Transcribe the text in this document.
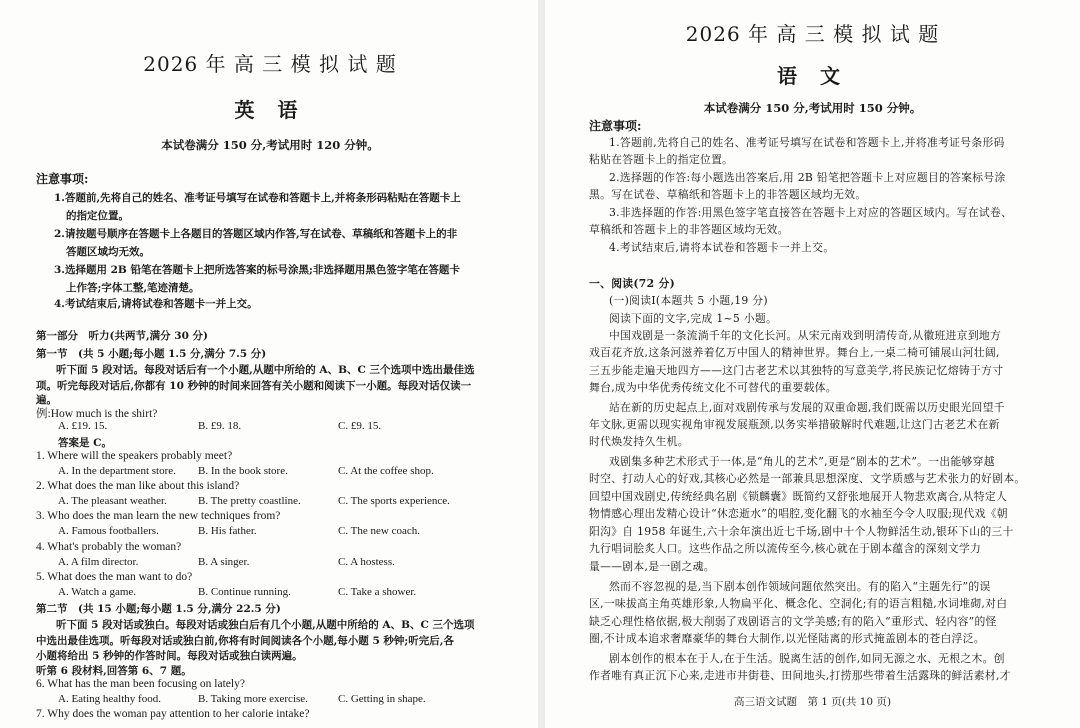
2026 年 高 三 模 拟 试 题
英 语
本试卷满分 150 分,考试用时 120 分钟。
注意事项:
1.答题前,先将自己的姓名、准考证号填写在试卷和答题卡上,并将条形码粘贴在答题卡上
的指定位置。
2.请按题号顺序在答题卡上各题目的答题区域内作答,写在试卷、草稿纸和答题卡上的非
答题区域均无效。
3.选择题用 2B 铅笔在答题卡上把所选答案的标号涂黑;非选择题用黑色签字笔在答题卡
上作答;字体工整,笔迹清楚。
4.考试结束后,请将试卷和答题卡一并上交。
第一部分　听力(共两节,满分 30 分)
第一节　(共 5 小题;每小题 1.5 分,满分 7.5 分)
听下面 5 段对话。每段对话后有一个小题,从题中所给的 A、B、C 三个选项中选出最佳选
项。听完每段对话后,你都有 10 秒钟的时间来回答有关小题和阅读下一小题。每段对话仅读一
遍。
例:How much is the shirt?
A. £19. 15.	B. £9. 18.	C. £9. 15.
答案是 C。
1. Where will the speakers probably meet?
A. In the department store. B. In the book store.	C. At the coffee shop.
2. What does the man like about this island?
A. The pleasant weather.	B. The pretty coastline.	C. The sports experience.
3. Who does the man learn the new techniques from?
A. Famous footballers.	B. His father.	C. The new coach.
4. What's probably the woman?
A. A film director.	B. A singer.	C. A hostess.
5. What does the man want to do?
A. Watch a game.	B. Continue running.	C. Take a shower.
第二节　(共 15 小题;每小题 1.5 分,满分 22.5 分)
听下面 5 段对话或独白。每段对话或独白后有几个小题,从题中所给的 A、B、C 三个选项
中选出最佳选项。听每段对话或独白前,你将有时间阅读各个小题,每小题 5 秒钟;听完后,各
小题将给出 5 秒钟的作答时间。每段对话或独白读两遍。
听第 6 段材料,回答第 6、7 题。
6. What has the man been focusing on lately?
A. Eating healthy food.	B. Taking more exercise.	C. Getting in shape.
7. Why does the woman pay attention to her calorie intake?
2026 年 高 三 模 拟 试 题
语 文
本试卷满分 150 分,考试用时 150 分钟。
注意事项:
1.答题前,先将自己的姓名、准考证号填写在试卷和答题卡上,并将准考证号条形码
粘贴在答题卡上的指定位置。
2.选择题的作答:每小题选出答案后,用 2B 铅笔把答题卡上对应题目的答案标号涂
黑。写在试卷、草稿纸和答题卡上的非答题区域均无效。
3.非选择题的作答:用黑色签字笔直接答在答题卡上对应的答题区域内。写在试卷、
草稿纸和答题卡上的非答题区域均无效。
4.考试结束后,请将本试卷和答题卡一并上交。
一、阅读(72 分)
(一)阅读Ⅰ(本题共 5 小题,19 分)
阅读下面的文字,完成 1~5 小题。
中国戏剧是一条流淌千年的文化长河。从宋元南戏到明清传奇,从徽班进京到地方
戏百花齐放,这条河滋养着亿万中国人的精神世界。舞台上,一桌二椅可铺展山河壮阔,
三五步能走遍天地四方——这门古老艺术以其独特的写意美学,将民族记忆熔铸于方寸
舞台,成为中华优秀传统文化不可替代的重要载体。
站在新的历史起点上,面对戏剧传承与发展的双重命题,我们既需以历史眼光回望千
年文脉,更需以现实视角审视发展瓶颈,以务实举措破解时代难题,让这门古老艺术在新
时代焕发持久生机。
戏剧集多种艺术形式于一体,是“角儿的艺术”,更是“剧本的艺术”。一出能够穿越
时空、打动人心的好戏,其核心必然是一部兼具思想深度、文学质感与艺术张力的好剧本。
回望中国戏剧史,传统经典名剧《锁麟囊》既简约又舒张地展开人物悲欢离合,从特定人
物情感心理出发精心设计“休恋逝水”的唱腔,变化翻飞的水袖至今令人叹服;现代戏《朝
阳沟》自 1958 年诞生,六十余年演出近七千场,剧中十个人物鲜活生动,银环下山的三十
九行唱词脍炙人口。这些作品之所以流传至今,核心就在于剧本蕴含的深刻文学力
量——剧本,是一剧之魂。
然而不容忽视的是,当下剧本创作领域问题依然突出。有的陷入“主题先行”的误
区,一味拔高主角英雄形象,人物扁平化、概念化、空洞化;有的语言粗糙,水词堆砌,对白
缺乏心理性格依据,极大削弱了戏剧语言的文学美感;有的陷入“重形式、轻内容”的怪
圈,不计成本追求奢靡豪华的舞台大制作,以光怪陆离的形式掩盖剧本的苍白浮泛。
剧本创作的根本在于人,在于生活。脱离生活的创作,如同无源之水、无根之木。创
作者唯有真正沉下心来,走进市井街巷、田间地头,打捞那些带着生活露珠的鲜活素材,才
高三语文试题　第 1 页(共 10 页)
